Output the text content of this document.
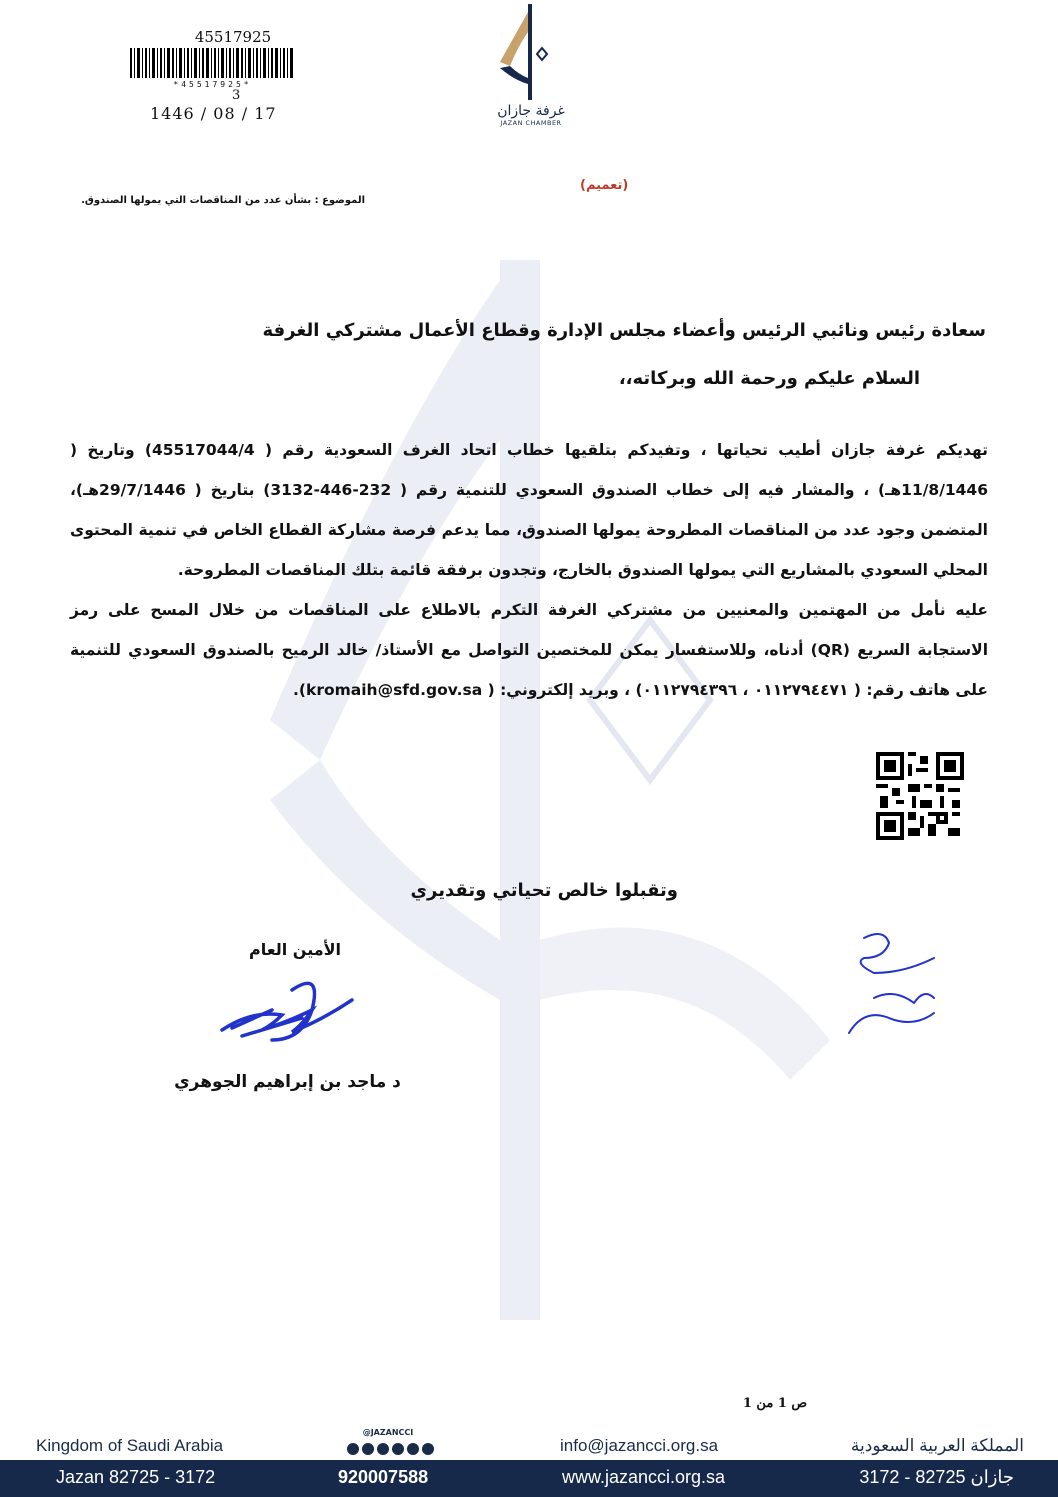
45517925
*45517925*
3
1446 / 08 / 17	غرفة جازان
JAZAN CHAMBER
(تعميم)
الموضوع : بشأن عدد من المناقصات التي يمولها الصندوق.
سعادة رئيس ونائبي الرئيس وأعضاء مجلس الإدارة وقطاع الأعمال مشتركي الغرفة
السلام عليكم ورحمة الله وبركاته،،

تهديكم غرفة جازان أطيب تحياتها ، وتفيدكم بتلقيها خطاب اتحاد الغرف السعودية رقم ( 45517044/4) وتاريخ ( 11/8/1446هـ) ، والمشار فيه إلى خطاب الصندوق السعودي للتنمية رقم ( 232-446-3132) بتاريخ ( 29/7/1446هـ)، المتضمن وجود عدد من المناقصات المطروحة يمولها الصندوق، مما يدعم فرصة مشاركة القطاع الخاص في تنمية المحتوى المحلي السعودي بالمشاريع التي يمولها الصندوق بالخارج، وتجدون برفقة قائمة بتلك المناقصات المطروحة.

عليه نأمل من المهتمين والمعنيين من مشتركي الغرفة التكرم بالاطلاع على المناقصات من خلال المسح على رمز الاستجابة السريع (QR) أدناه، وللاستفسار يمكن للمختصين التواصل مع الأستاذ/ خالد الرميح بالصندوق السعودي للتنمية على هاتف رقم: ( ٠١١٢٧٩٤٤٧١ ، ٠١١٢٧٩٤٣٩٦) ، وبريد إلكتروني: ( kromaih@sfd.gov.sa).

وتقبلوا خالص تحياتي وتقديري
الأمين العام
د ماجد بن إبراهيم الجوهري
ص 1 من 1
Kingdom of Saudi Arabia
@JAZANCCI
info@jazancci.org.sa	المملكة العربية السعودية
Jazan 82725 - 3172	920007588	www.jazancci.org.sa	جازان 82725 - 3172
